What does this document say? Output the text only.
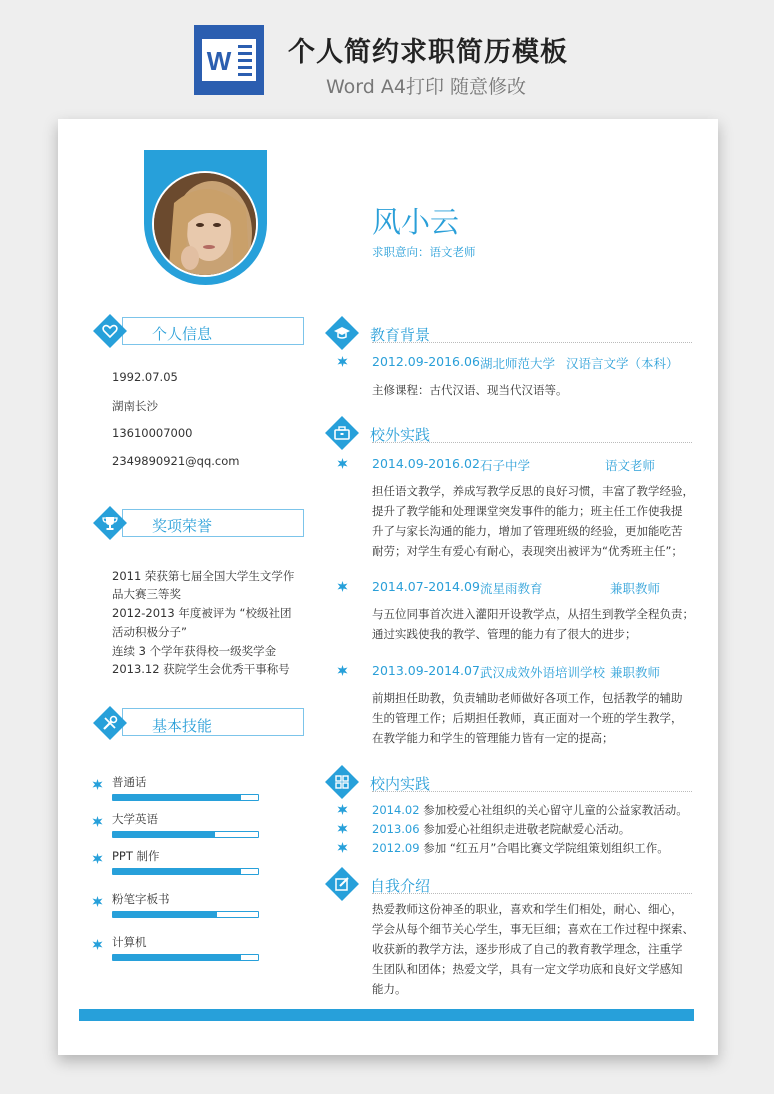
W 个人简约求职简历模板
Word A4打印 随意修改
风小云
求职意向：语文老师
个人信息
1992.07.05
湖南长沙
13610007000
2349890921@qq.com
奖项荣誉
2011 荣获第七届全国大学生文学作
品大赛三等奖
2012-2013 年度被评为 “校级社团
活动积极分子”
连续 3 个学年获得校一级奖学金
2013.12 获院学生会优秀干事称号
基本技能
普通话
大学英语
PPT 制作
粉笔字板书
计算机
教育背景
2012.09-2016.06 湖北师范大学 汉语言文学（本科）
主修课程：古代汉语、现当代汉语等。
校外实践
2014.09-2016.02 石子中学	语文老师
担任语文教学，养成写教学反思的良好习惯，丰富了教学经验，
提升了教学能和处理课堂突发事件的能力；班主任工作使我提
升了与家长沟通的能力，增加了管理班级的经验，更加能吃苦
耐劳；对学生有爱心有耐心，表现突出被评为“优秀班主任”；
2014.07-2014.09 流星雨教育	兼职教师
与五位同事首次进入灌阳开设教学点，从招生到教学全程负责；
通过实践使我的教学、管理的能力有了很大的进步；
2013.09-2014.07 武汉成效外语培训学校 兼职教师
前期担任助教，负责辅助老师做好各项工作，包括教学的辅助
生的管理工作；后期担任教师，真正面对一个班的学生教学，
在教学能力和学生的管理能力皆有一定的提高；
校内实践
2014.02 参加校爱心社组织的关心留守儿童的公益家教活动。
2013.06 参加爱心社组织走进敬老院献爱心活动。
2012.09 参加 “红五月”合唱比赛文学院组策划组织工作。
自我介绍
热爱教师这份神圣的职业，喜欢和学生们相处，耐心、细心，
学会从每个细节关心学生，事无巨细；喜欢在工作过程中探索、
收获新的教学方法，逐步形成了自己的教育教学理念，注重学
生团队和团体；热爱文学，具有一定文学功底和良好文学感知
能力。
